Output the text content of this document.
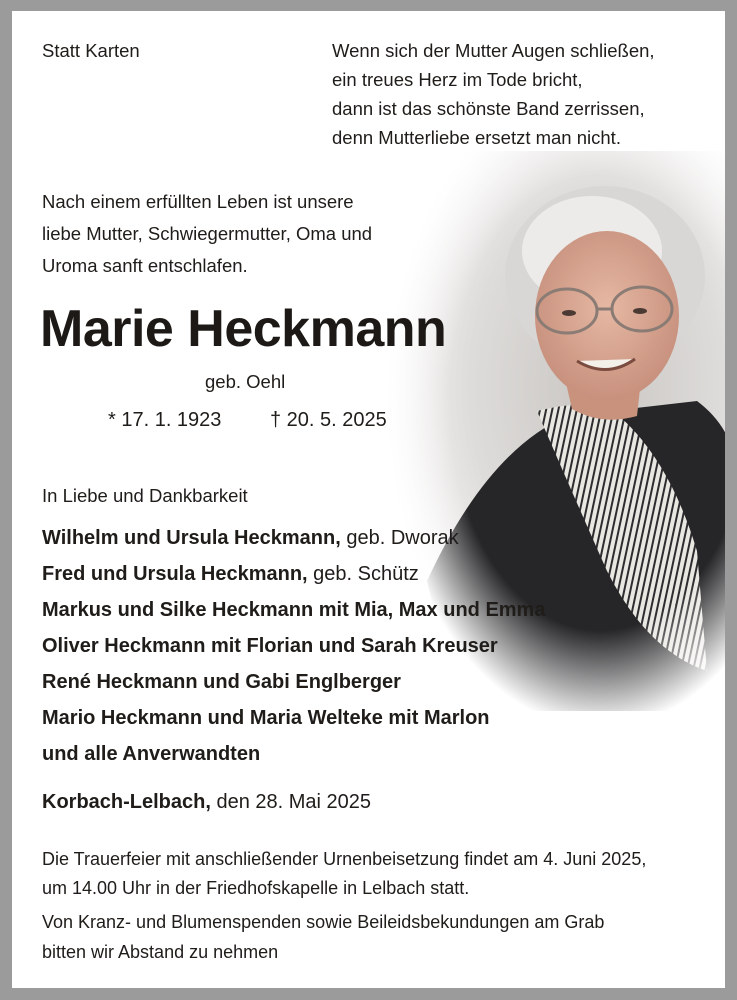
Statt Karten	Wenn sich der Mutter Augen schließen,

ein treues Herz im Tode bricht,

dann ist das schönste Band zerrissen,

denn Mutterliebe ersetzt man nicht.

Nach einem erfüllten Leben ist unsere

liebe Mutter, Schwiegermutter, Oma und

Uroma sanft entschlafen.

Marie Heckmann
geb. Oehl
* 17. 1. 1923 † 20. 5. 2025
In Liebe und Dankbarkeit
Wilhelm und Ursula Heckmann, geb. Dworak
Fred und Ursula Heckmann, geb. Schütz
Markus und Silke Heckmann mit Mia, Max und Emma
Oliver Heckmann mit Florian und Sarah Kreuser
René Heckmann und Gabi Englberger
Mario Heckmann und Maria Welteke mit Marlon
und alle Anverwandten
Korbach-Lelbach, den 28. Mai 2025

Die Trauerfeier mit anschließender Urnenbeisetzung findet am 4. Juni 2025,

um 14.00 Uhr in der Friedhofskapelle in Lelbach statt.

Von Kranz- und Blumenspenden sowie Beileidsbekundungen am Grab

bitten wir Abstand zu nehmen
